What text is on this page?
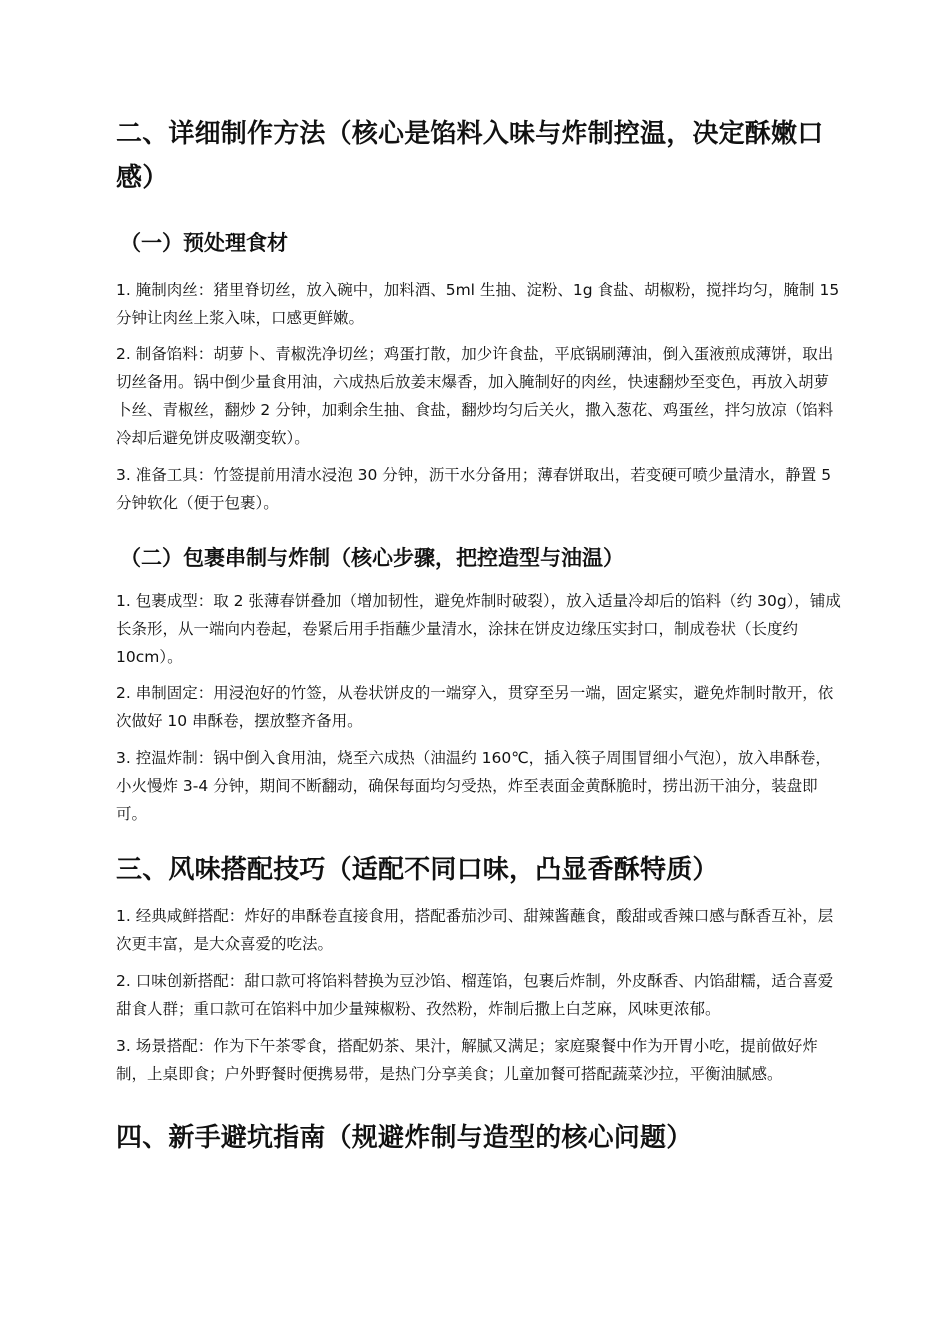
二、详细制作方法（核心是馅料入味与炸制控温，决定酥嫩口感）
（一）预处理食材

1. 腌制肉丝：猪里脊切丝，放入碗中，加料酒、5ml 生抽、淀粉、1g 食盐、胡椒粉，搅拌均匀，腌制 15 分钟让肉丝上浆入味，口感更鲜嫩。

2. 制备馅料：胡萝卜、青椒洗净切丝；鸡蛋打散，加少许食盐，平底锅刷薄油，倒入蛋液煎成薄饼，取出切丝备用。锅中倒少量食用油，六成热后放姜末爆香，加入腌制好的肉丝，快速翻炒至变色，再放入胡萝卜丝、青椒丝，翻炒 2 分钟，加剩余生抽、食盐，翻炒均匀后关火，撒入葱花、鸡蛋丝，拌匀放凉（馅料冷却后避免饼皮吸潮变软）。

3. 准备工具：竹签提前用清水浸泡 30 分钟，沥干水分备用；薄春饼取出，若变硬可喷少量清水，静置 5 分钟软化（便于包裹）。

（二）包裹串制与炸制（核心步骤，把控造型与油温）

1. 包裹成型：取 2 张薄春饼叠加（增加韧性，避免炸制时破裂），放入适量冷却后的馅料（约 30g），铺成长条形，从一端向内卷起，卷紧后用手指蘸少量清水，涂抹在饼皮边缘压实封口，制成卷状（长度约 10cm）。

2. 串制固定：用浸泡好的竹签，从卷状饼皮的一端穿入，贯穿至另一端，固定紧实，避免炸制时散开，依次做好 10 串酥卷，摆放整齐备用。

3. 控温炸制：锅中倒入食用油，烧至六成热（油温约 160℃，插入筷子周围冒细小气泡），放入串酥卷，小火慢炸 3-4 分钟，期间不断翻动，确保每面均匀受热，炸至表面金黄酥脆时，捞出沥干油分，装盘即可。

三、风味搭配技巧（适配不同口味，凸显香酥特质）

1. 经典咸鲜搭配：炸好的串酥卷直接食用，搭配番茄沙司、甜辣酱蘸食，酸甜或香辣口感与酥香互补，层次更丰富，是大众喜爱的吃法。

2. 口味创新搭配：甜口款可将馅料替换为豆沙馅、榴莲馅，包裹后炸制，外皮酥香、内馅甜糯，适合喜爱甜食人群；重口款可在馅料中加少量辣椒粉、孜然粉，炸制后撒上白芝麻，风味更浓郁。

3. 场景搭配：作为下午茶零食，搭配奶茶、果汁，解腻又满足；家庭聚餐中作为开胃小吃，提前做好炸制，上桌即食；户外野餐时便携易带，是热门分享美食；儿童加餐可搭配蔬菜沙拉，平衡油腻感。

四、新手避坑指南（规避炸制与造型的核心问题）
